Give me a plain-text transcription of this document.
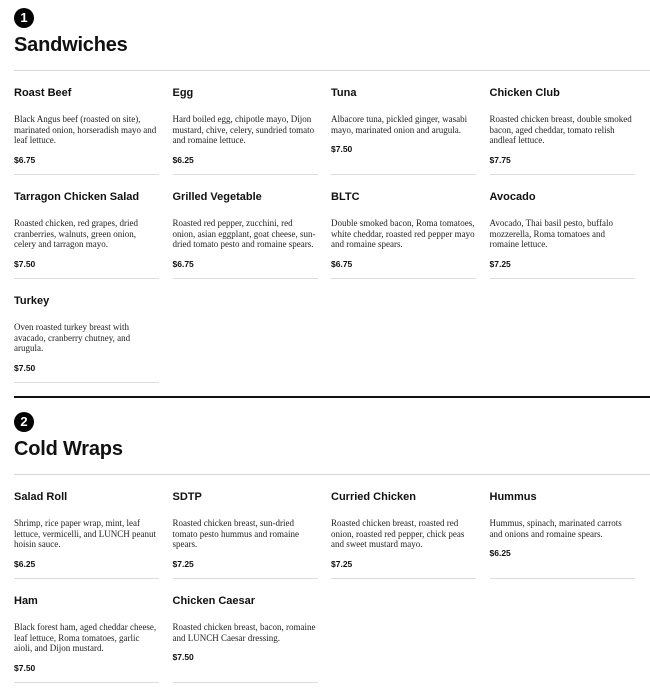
1
Sandwiches
Roast Beef
Black Angus beef (roasted on site), marinated onion, horseradish mayo and leaf lettuce.
$6.75
Egg
Hard boiled egg, chipotle mayo, Dijon mustard, chive, celery, sundried tomato and romaine lettuce.
$6.25
Tuna
Albacore tuna, pickled ginger, wasabi mayo, marinated onion and arugula.
$7.50
Chicken Club
Roasted chicken breast, double smoked bacon, aged cheddar, tomato relish andleaf lettuce.
$7.75
Tarragon Chicken Salad
Roasted chicken, red grapes, dried cranberries, walnuts, green onion, celery and tarragon mayo.
$7.50
Grilled Vegetable
Roasted red pepper, zucchini, red onion, asian eggplant, goat cheese, sun-dried tomato pesto and romaine spears.
$6.75
BLTC
Double smoked bacon, Roma tomatoes, white cheddar, roasted red pepper mayo and romaine spears.
$6.75
Avocado
Avocado, Thai basil pesto, buffalo mozzerella, Roma tomatoes and romaine lettuce.
$7.25
Turkey
Oven roasted turkey breast with avacado, cranberry chutney, and arugula.
$7.50
2
Cold Wraps
Salad Roll
Shrimp, rice paper wrap, mint, leaf lettuce, vermicelli, and LUNCH peanut hoisin sauce.
$6.25
SDTP
Roasted chicken breast, sun-dried tomato pesto hummus and romaine spears.
$7.25
Curried Chicken
Roasted chicken breast, roasted red onion, roasted red pepper, chick peas and sweet mustard mayo.
$7.25
Hummus
Hummus, spinach, marinated carrots and onions and romaine spears.
$6.25
Ham
Black forest ham, aged cheddar cheese, leaf lettuce, Roma tomatoes, garlic aioli, and Dijon mustard.
$7.50
Chicken Caesar
Roasted chicken breast, bacon, romaine and LUNCH Caesar dressing.
$7.50
